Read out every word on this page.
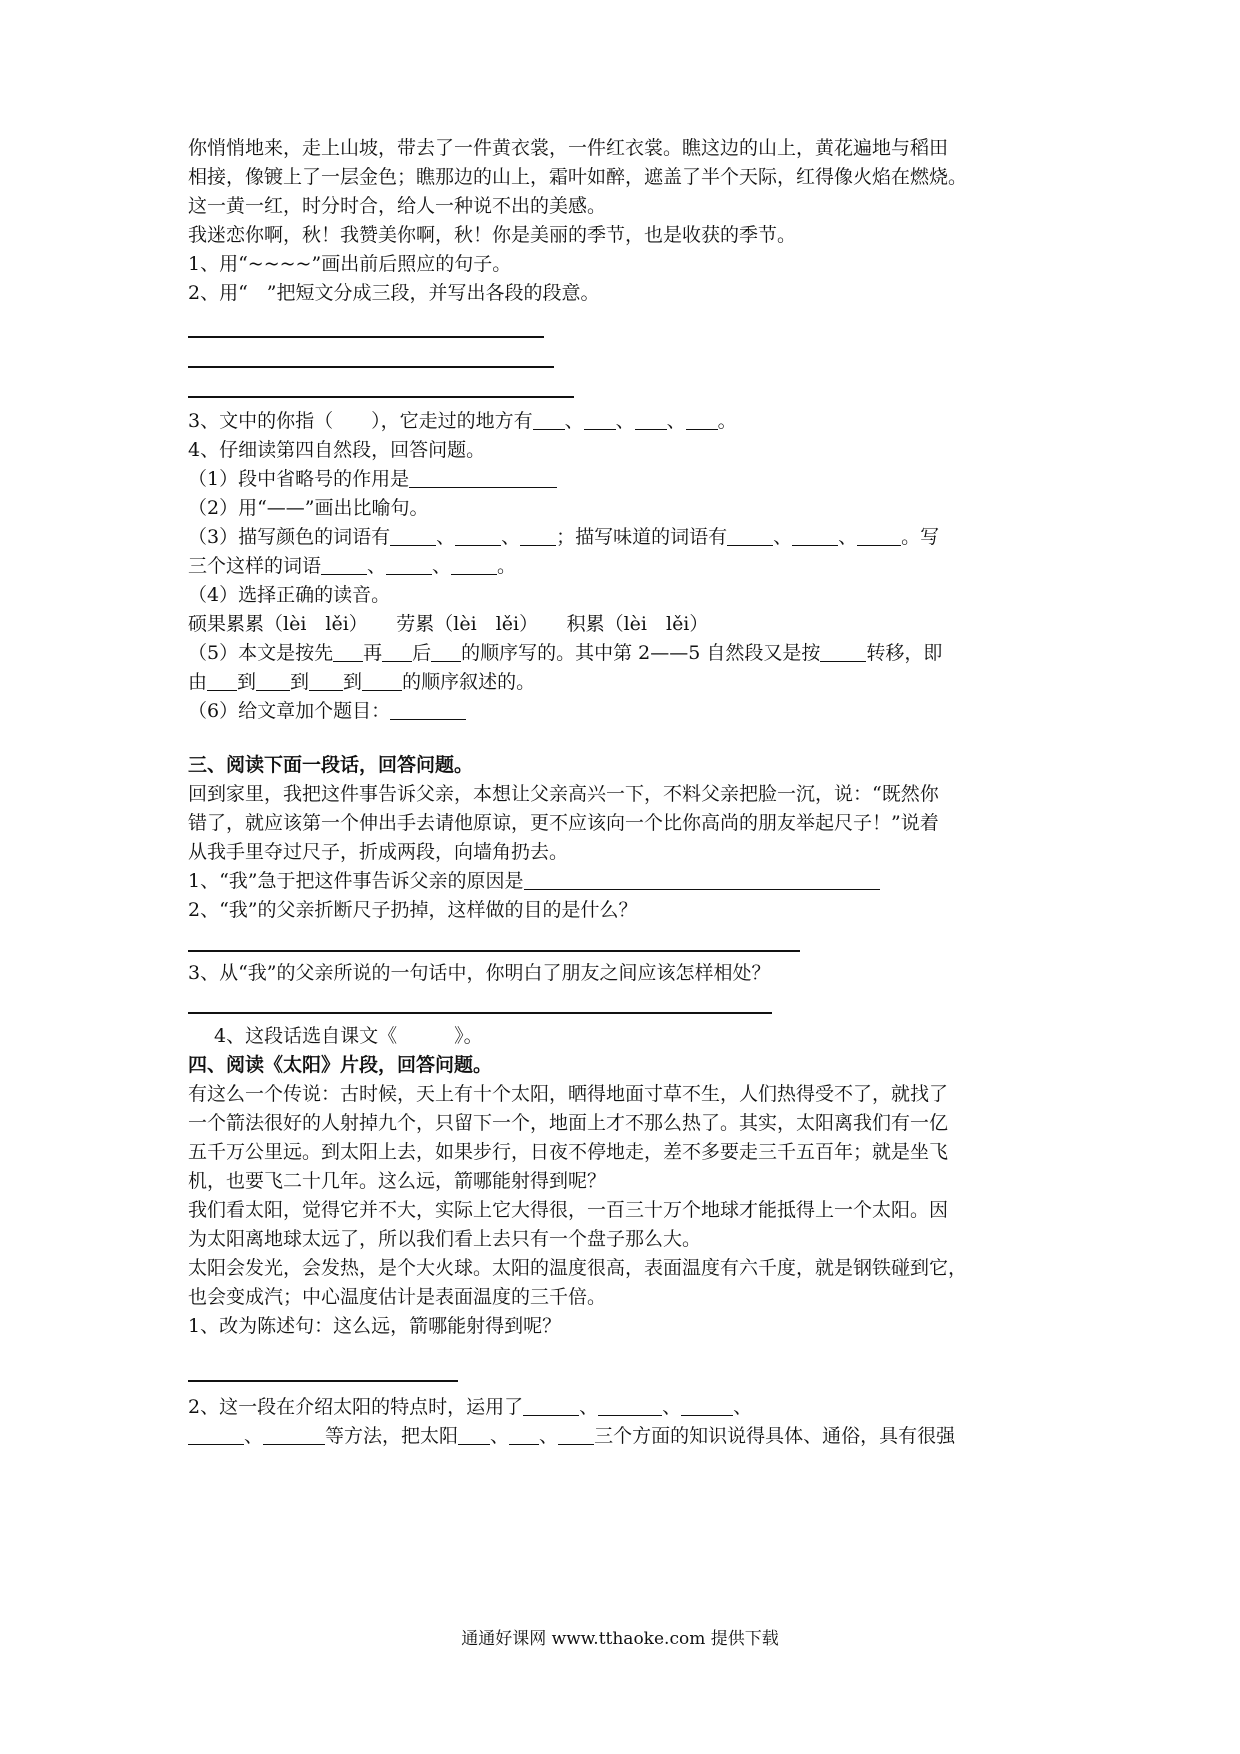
你悄悄地来，走上山坡，带去了一件黄衣裳，一件红衣裳。瞧这边的山上，黄花遍地与稻田
相接，像镀上了一层金色；瞧那边的山上，霜叶如醉，遮盖了半个天际，红得像火焰在燃烧。
这一黄一红，时分时合，给人一种说不出的美感。
我迷恋你啊，秋！我赞美你啊，秋！你是美丽的季节，也是收获的季节。
1、用“~~~~”画出前后照应的句子。
2、用“　”把短文分成三段，并写出各段的段意。
3、文中的你指（　　），它走过的地方有 、 、 、 。
4、仔细读第四自然段，回答问题。
（1）段中省略号的作用是
（2）用“——”画出比喻句。
（3）描写颜色的词语有 、 、 ；描写味道的词语有 、 、 。写
三个这样的词语 、 、 。
（4）选择正确的读音。
硕果累累（lèi　lěi）　　劳累（lèi　lěi）　　积累（lèi　lěi）
（5）本文是按先 再 后 的顺序写的。其中第 2——5 自然段又是按 转移，即
由 到 到 到 的顺序叙述的。
（6）给文章加个题目：
三、阅读下面一段话，回答问题。
回到家里，我把这件事告诉父亲，本想让父亲高兴一下，不料父亲把脸一沉，说：“既然你
错了，就应该第一个伸出手去请他原谅，更不应该向一个比你高尚的朋友举起尺子！”说着
从我手里夺过尺子，折成两段，向墙角扔去。
1、“我”急于把这件事告诉父亲的原因是
2、“我”的父亲折断尺子扔掉，这样做的目的是什么？
3、从“我”的父亲所说的一句话中，你明白了朋友之间应该怎样相处？
4、这段话选自课文《　　　》。
四、阅读《太阳》片段，回答问题。
有这么一个传说：古时候，天上有十个太阳，晒得地面寸草不生，人们热得受不了，就找了
一个箭法很好的人射掉九个，只留下一个，地面上才不那么热了。其实，太阳离我们有一亿
五千万公里远。到太阳上去，如果步行，日夜不停地走，差不多要走三千五百年；就是坐飞
机，也要飞二十几年。这么远，箭哪能射得到呢？
我们看太阳，觉得它并不大，实际上它大得很，一百三十万个地球才能抵得上一个太阳。因
为太阳离地球太远了，所以我们看上去只有一个盘子那么大。
太阳会发光，会发热，是个大火球。太阳的温度很高，表面温度有六千度，就是钢铁碰到它，
也会变成汽；中心温度估计是表面温度的三千倍。
1、改为陈述句：这么远，箭哪能射得到呢？
2、这一段在介绍太阳的特点时，运用了	、	、	、
、	等方法，把太阳 、 、 三个方面的知识说得具体、通俗，具有很强
通通好课网 www.tthaoke.com 提供下载
